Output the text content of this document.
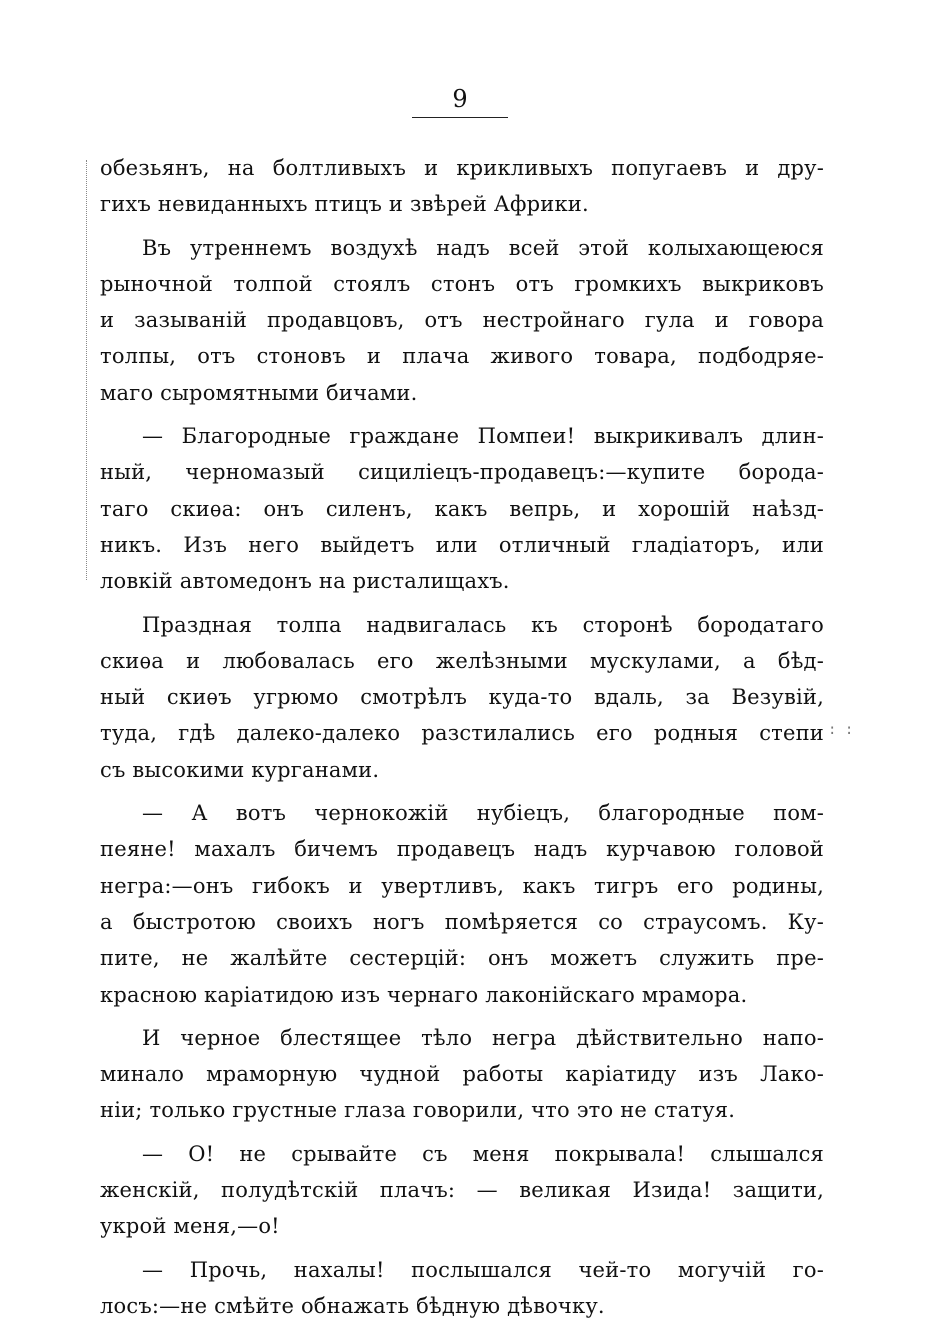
9
: :
обезьянъ, на болтливыхъ и крикливыхъ попугаевъ и дру-
гихъ невиданныхъ птицъ и звѣрей Африки.
Въ утреннемъ воздухѣ надъ всей этой колыхающеюся
рыночной толпой стоялъ стонъ отъ громкихъ выкриковъ
и зазываній продавцовъ, отъ нестройнаго гула и говора
толпы, отъ стоновъ и плача живого товара, подбодряе-
маго сыромятными бичами.
— Благородные граждане Помпеи! выкрикивалъ длин-
ный, черномазый сициліецъ-продавецъ:—купите борода-
таго скиѳа: онъ силенъ, какъ вепрь, и хорошій наѣзд-
никъ. Изъ него выйдетъ или отличный гладіаторъ, или
ловкій автомедонъ на ристалищахъ.
Праздная толпа надвигалась къ сторонѣ бородатаго
скиѳа и любовалась его желѣзными мускулами, а бѣд-
ный скиѳъ угрюмо смотрѣлъ куда-то вдаль, за Везувій,
туда, гдѣ далеко-далеко разстилались его родныя степи
съ высокими курганами.
— А вотъ чернокожій нубіецъ, благородные пом-
пеяне! махалъ бичемъ продавецъ надъ курчавою головой
негра:—онъ гибокъ и увертливъ, какъ тигръ его родины,
а быстротою своихъ ногъ помѣряется со страусомъ. Ку-
пите, не жалѣйте сестерцій: онъ можетъ служить пре-
красною каріатидою изъ чернаго лаконійскаго мрамора.
И черное блестящее тѣло негра дѣйствительно напо-
минало мраморную чудной работы каріатиду изъ Лако-
ніи; только грустные глаза говорили, что это не статуя.
— О! не срывайте съ меня покрывала! слышался
женскій, полудѣтскій плачъ: — великая Изида! защити,
укрой меня,—о!
— Прочь, нахалы! послышался чей-то могучій го-
лосъ:—не смѣйте обнажать бѣдную дѣвочку.
